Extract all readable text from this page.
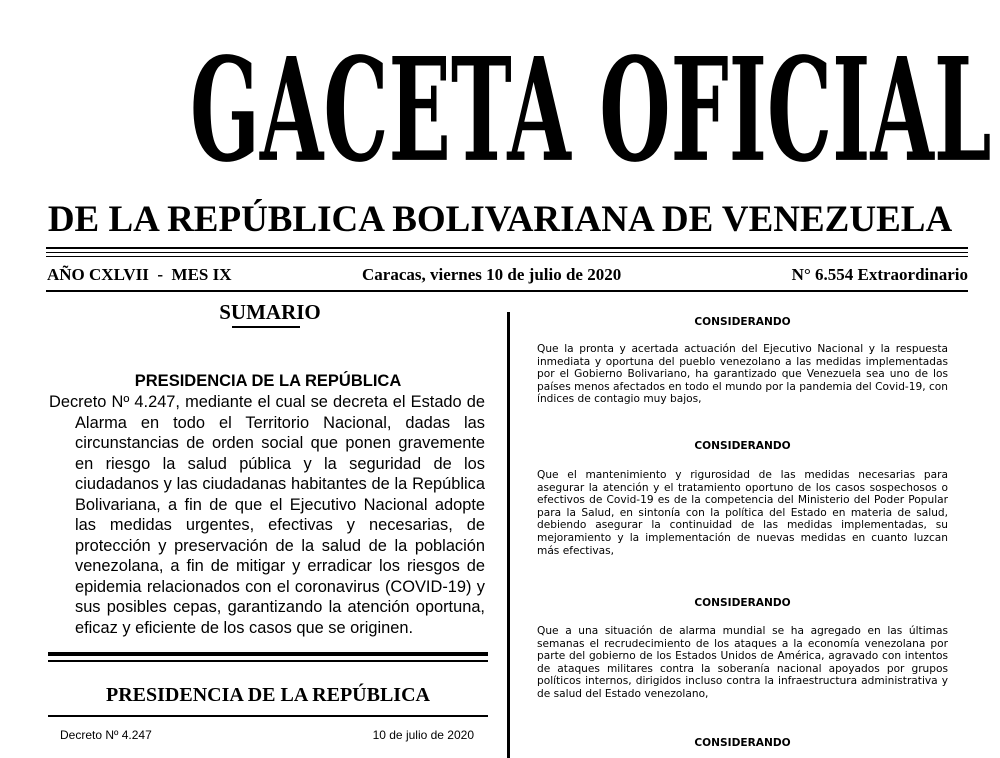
GACETA OFICIAL
DE LA REPÚBLICA BOLIVARIANA DE VENEZUELA
AÑO CXLVII  -  MES IX	Caracas, viernes 10 de julio de 2020	N° 6.554 Extraordinario
SUMARIO
PRESIDENCIA DE LA REPÚBLICA
Decreto Nº 4.247, mediante el cual se decreta el Estado de Alarma en todo el Territorio Nacional, dadas las circunstancias de orden social que ponen gravemente en riesgo la salud pública y la seguridad de los ciudadanos y las ciudadanas habitantes de la República Bolivariana, a fin de que el Ejecutivo Nacional adopte las medidas urgentes, efectivas y necesarias, de protección y preservación de la salud de la población venezolana, a fin de mitigar y erradicar los riesgos de epidemia relacionados con el coronavirus (COVID-19) y sus posibles cepas, garantizando la atención oportuna, eficaz y eficiente de los casos que se originen.
PRESIDENCIA DE LA REPÚBLICA
Decreto Nº 4.247	10 de julio de 2020
CONSIDERANDO
Que la pronta y acertada actuación del Ejecutivo Nacional y la respuesta inmediata y oportuna del pueblo venezolano a las medidas implementadas por el Gobierno Bolivariano, ha garantizado que Venezuela sea uno de los países menos afectados en todo el mundo por la pandemia del Covid-19, con índices de contagio muy bajos,
CONSIDERANDO
Que el mantenimiento y rigurosidad de las medidas necesarias para asegurar la atención y el tratamiento oportuno de los casos sospechosos o efectivos de Covid-19 es de la competencia del Ministerio del Poder Popular para la Salud, en sintonía con la política del Estado en materia de salud, debiendo asegurar la continuidad de las medidas implementadas, su mejoramiento y la implementación de nuevas medidas en cuanto luzcan más efectivas,
CONSIDERANDO
Que a una situación de alarma mundial se ha agregado en las últimas semanas el recrudecimiento de los ataques a la economía venezolana por parte del gobierno de los Estados Unidos de América, agravado con intentos de ataques militares contra la soberanía nacional apoyados por grupos políticos internos, dirigidos incluso contra la infraestructura administrativa y de salud del Estado venezolano,
CONSIDERANDO
